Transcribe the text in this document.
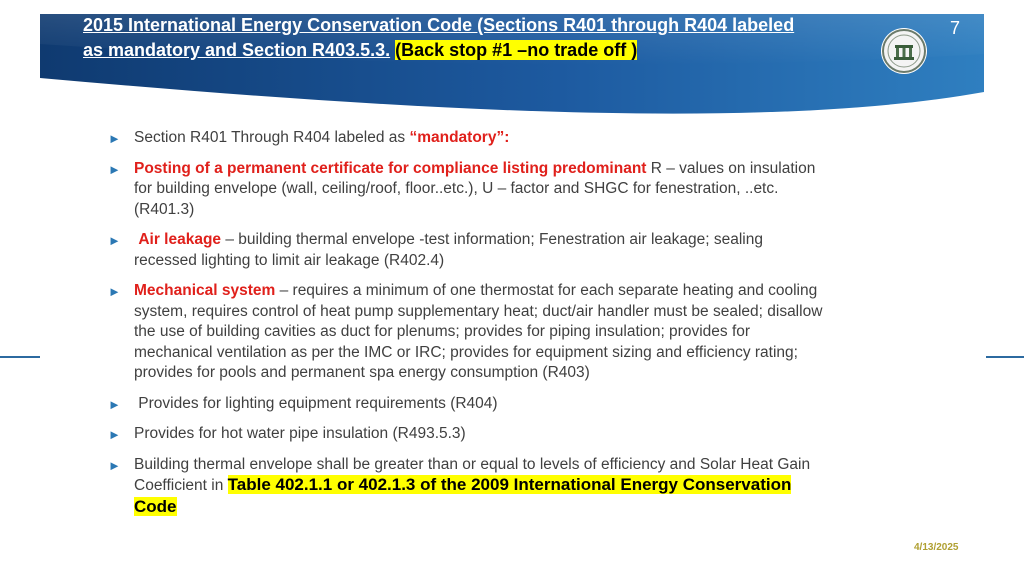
2015 International Energy Conservation Code (Sections R401 through R404 labeled as mandatory and Section R403.5.3. (Back stop #1 –no trade off )

7
► Section R401 Through R404 labeled as “mandatory”:
► Posting of a permanent certificate for compliance listing predominant R – values on insulation for building envelope (wall, ceiling/roof, floor..etc.), U – factor and SHGC for fenestration, ..etc. (R401.3)
► Air leakage – building thermal envelope -test information; Fenestration air leakage; sealing recessed lighting to limit air leakage (R402.4)
► Mechanical system – requires a minimum of one thermostat for each separate heating and cooling system, requires control of heat pump supplementary heat; duct/air handler must be sealed; disallow the use of building cavities as duct for plenums; provides for piping insulation; provides for mechanical ventilation as per the IMC or IRC; provides for equipment sizing and efficiency rating; provides for pools and permanent spa energy consumption (R403)
► Provides for lighting equipment requirements (R404)
► Provides for hot water pipe insulation (R493.5.3)
► Building thermal envelope shall be greater than or equal to levels of efficiency and Solar Heat Gain Coefficient in Table 402.1.1 or 402.1.3 of the 2009 International Energy Conservation Code
4/13/2025
